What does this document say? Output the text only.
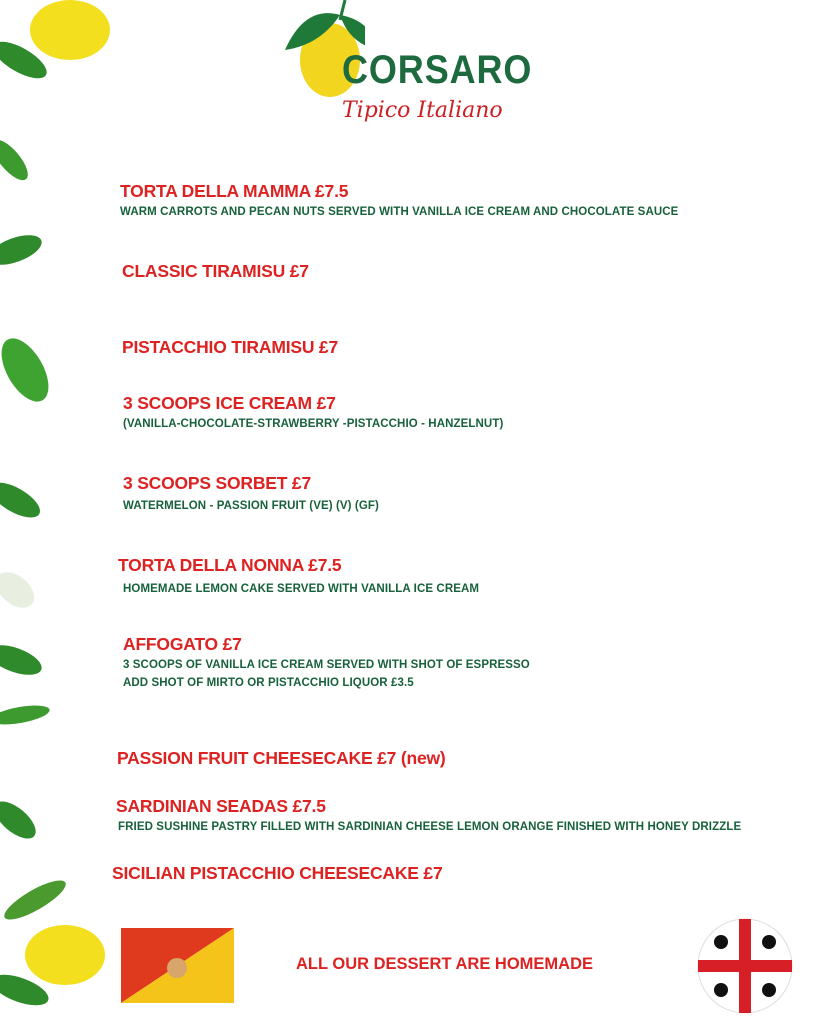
CORSARO
Tipico Italiano
TORTA DELLA MAMMA £7.5
WARM CARROTS AND PECAN NUTS SERVED WITH VANILLA ICE CREAM AND CHOCOLATE SAUCE
CLASSIC TIRAMISU £7
PISTACCHIO TIRAMISU £7
3 SCOOPS ICE CREAM £7
(VANILLA-CHOCOLATE-STRAWBERRY -PISTACCHIO - HANZELNUT)
3 SCOOPS SORBET £7
WATERMELON - PASSION FRUIT (VE) (V) (GF)
TORTA DELLA NONNA £7.5
HOMEMADE LEMON CAKE SERVED WITH VANILLA ICE CREAM
AFFOGATO £7
3 SCOOPS OF VANILLA ICE CREAM SERVED WITH SHOT OF ESPRESSO
ADD SHOT OF MIRTO OR PISTACCHIO LIQUOR £3.5
PASSION FRUIT CHEESECAKE £7 (new)
SARDINIAN SEADAS £7.5
FRIED SUSHINE PASTRY FILLED WITH SARDINIAN CHEESE LEMON ORANGE FINISHED WITH HONEY DRIZZLE
SICILIAN PISTACCHIO CHEESECAKE £7
ALL OUR DESSERT ARE HOMEMADE
